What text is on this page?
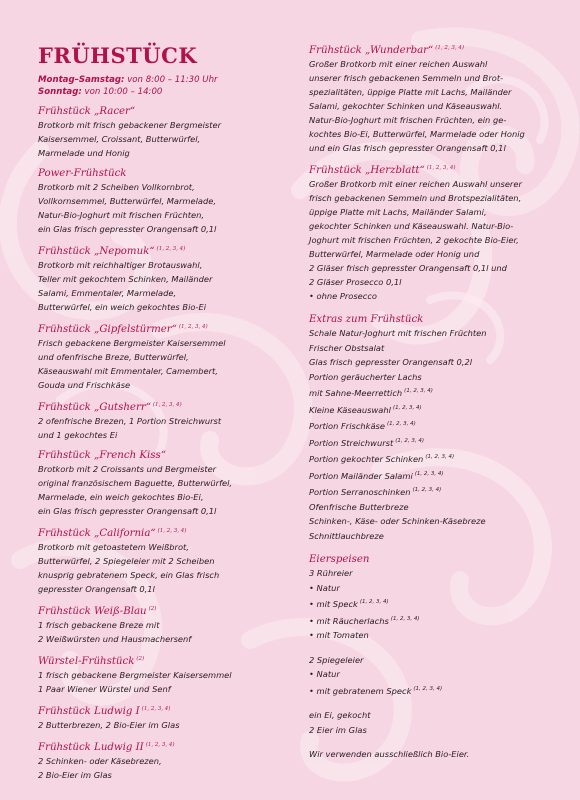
FRÜHSTÜCK
Montag–Samstag: von 8:00 – 11:30 Uhr
Sonntag: von 10:00 – 14:00
Frühstück „Racer“
Brotkorb mit frisch gebackener Bergmeister
Kaisersemmel, Croissant, Butterwürfel,
Marmelade und Honig
Power-Frühstück
Brotkorb mit 2 Scheiben Vollkornbrot,
Vollkornsemmel, Butterwürfel, Marmelade,
Natur-Bio-Joghurt mit frischen Früchten,
ein Glas frisch gepresster Orangensaft 0,1l
Frühstück „Nepomuk“ $^{(1, 2, 3, 4)}$
Brotkorb mit reichhaltiger Brotauswahl,
Teller mit gekochtem Schinken, Mailänder
Salami, Emmentaler, Marmelade,
Butterwürfel, ein weich gekochtes Bio-Ei
Frühstück „Gipfelstürmer“ $^{(1, 2, 3, 4)}$
Frisch gebackene Bergmeister Kaisersemmel
und ofenfrische Breze, Butterwürfel,
Käseauswahl mit Emmentaler, Camembert,
Gouda und Frischkäse
Frühstück „Gutsherr“ $^{(1, 2, 3, 4)}$
2 ofenfrische Brezen, 1 Portion Streichwurst
und 1 gekochtes Ei
Frühstück „French Kiss“
Brotkorb mit 2 Croissants und Bergmeister
original französischem Baguette, Butterwürfel,
Marmelade, ein weich gekochtes Bio-Ei,
ein Glas frisch gepresster Orangensaft 0,1l
Frühstück „California“ $^{(1, 2, 3, 4)}$
Brotkorb mit getoastetem Weißbrot,
Butterwürfel, 2 Spiegeleier mit 2 Scheiben
knusprig gebratenem Speck, ein Glas frisch
gepresster Orangensaft 0,1l
Frühstück Weiß-Blau $^{(2)}$
1 frisch gebackene Breze mit
2 Weißwürsten und Hausmachersenf
Würstel-Frühstück $^{(2)}$
1 frisch gebackene Bergmeister Kaisersemmel
1 Paar Wiener Würstel und Senf
Frühstück Ludwig I $^{(1, 2, 3, 4)}$
2 Butterbrezen, 2 Bio-Eier im Glas
Frühstück Ludwig II $^{(1, 2, 3, 4)}$
2 Schinken- oder Käsebrezen,
2 Bio-Eier im Glas
Frühstück „Wunderbar“ $^{(1, 2, 3, 4)}$
Großer Brotkorb mit einer reichen Auswahl
unserer frisch gebackenen Semmeln und Brot-
spezialitäten, üppige Platte mit Lachs, Mailänder
Salami, gekochter Schinken und Käseauswahl.
Natur-Bio-Joghurt mit frischen Früchten, ein ge-
kochtes Bio-Ei, Butterwürfel, Marmelade oder Honig
und ein Glas frisch gepresster Orangensaft 0,1l
Frühstück „Herzblatt“ $^{(1, 2, 3, 4)}$
Großer Brotkorb mit einer reichen Auswahl unserer
frisch gebackenen Semmeln und Brotspezialitäten,
üppige Platte mit Lachs, Mailänder Salami,
gekochter Schinken und Käseauswahl. Natur-Bio-
Joghurt mit frischen Früchten, 2 gekochte Bio-Eier,
Butterwürfel, Marmelade oder Honig und
2 Gläser frisch gepresster Orangensaft 0,1l und
2 Gläser Prosecco 0,1l
• ohne Prosecco
Extras zum Frühstück
Schale Natur-Joghurt mit frischen Früchten
Frischer Obstsalat
Glas frisch gepresster Orangensaft 0,2l
Portion geräucherter Lachs
mit Sahne-Meerrettich $^{(1, 2, 3, 4)}$
Kleine Käseauswahl $^{(1, 2, 3, 4)}$
Portion Frischkäse $^{(1, 2, 3, 4)}$
Portion Streichwurst $^{(1, 2, 3, 4)}$
Portion gekochter Schinken $^{(1, 2, 3, 4)}$
Portion Mailänder Salami $^{(1, 2, 3, 4)}$
Portion Serranoschinken $^{(1, 2, 3, 4)}$
Ofenfrische Butterbreze
Schinken-, Käse- oder Schinken-Käsebreze
Schnittlauchbreze
Eierspeisen
3 Rühreier
• Natur
• mit Speck $^{(1, 2, 3, 4)}$
• mit Räucherlachs $^{(1, 2, 3, 4)}$
• mit Tomaten
2 Spiegeleier
• Natur
• mit gebratenem Speck $^{(1, 2, 3, 4)}$
ein Ei, gekocht
2 Eier im Glas
Wir verwenden ausschließlich Bio-Eier.
